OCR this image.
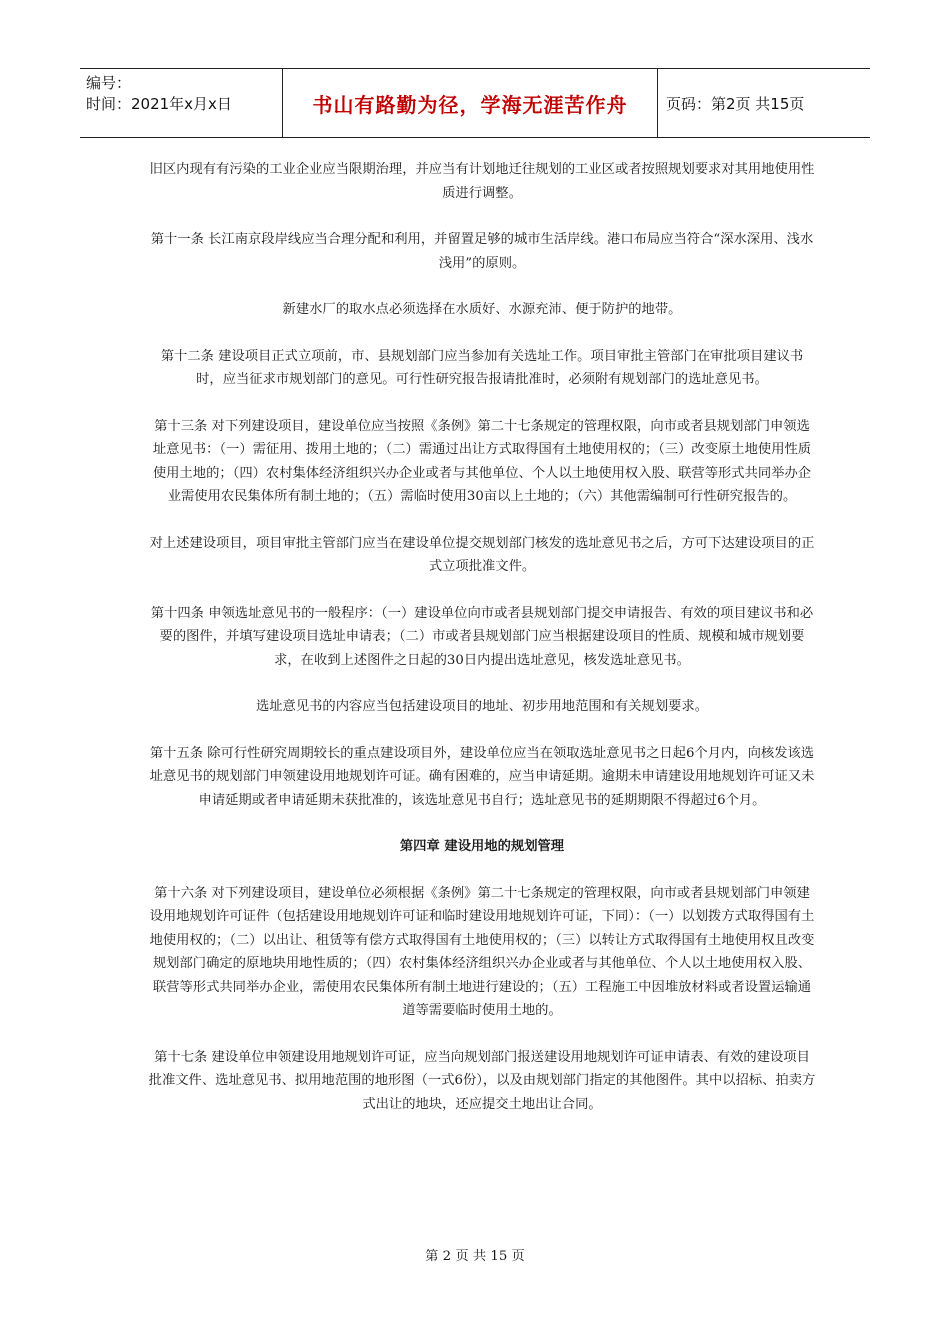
编号：
时间：2021年x月x日	书山有路勤为径，学海无涯苦作舟	页码：第2页 共15页

旧区内现有有污染的工业企业应当限期治理，并应当有计划地迁往规划的工业区或者按照规划要求对其用地使用性质进行调整。

第十一条 长江南京段岸线应当合理分配和利用，并留置足够的城市生活岸线。港口布局应当符合“深水深用、浅水浅用”的原则。

新建水厂的取水点必须选择在水质好、水源充沛、便于防护的地带。

第十二条 建设项目正式立项前，市、县规划部门应当参加有关选址工作。项目审批主管部门在审批项目建议书时，应当征求市规划部门的意见。可行性研究报告报请批准时，必须附有规划部门的选址意见书。

第十三条 对下列建设项目，建设单位应当按照《条例》第二十七条规定的管理权限，向市或者县规划部门申领选址意见书：（一）需征用、拨用土地的；（二）需通过出让方式取得国有土地使用权的；（三）改变原土地使用性质使用土地的；（四）农村集体经济组织兴办企业或者与其他单位、个人以土地使用权入股、联营等形式共同举办企业需使用农民集体所有制土地的；（五）需临时使用30亩以上土地的；（六）其他需编制可行性研究报告的。

对上述建设项目，项目审批主管部门应当在建设单位提交规划部门核发的选址意见书之后，方可下达建设项目的正式立项批准文件。

第十四条 申领选址意见书的一般程序：（一）建设单位向市或者县规划部门提交申请报告、有效的项目建议书和必要的图件，并填写建设项目选址申请表；（二）市或者县规划部门应当根据建设项目的性质、规模和城市规划要求，在收到上述图件之日起的30日内提出选址意见，核发选址意见书。

选址意见书的内容应当包括建设项目的地址、初步用地范围和有关规划要求。

第十五条 除可行性研究周期较长的重点建设项目外，建设单位应当在领取选址意见书之日起6个月内，向核发该选址意见书的规划部门申领建设用地规划许可证。确有困难的，应当申请延期。逾期未申请建设用地规划许可证又未申请延期或者申请延期未获批准的，该选址意见书自行；选址意见书的延期期限不得超过6个月。

第四章 建设用地的规划管理

第十六条 对下列建设项目，建设单位必须根据《条例》第二十七条规定的管理权限，向市或者县规划部门申领建设用地规划许可证件（包括建设用地规划许可证和临时建设用地规划许可证，下同）：（一）以划拨方式取得国有土地使用权的；（二）以出让、租赁等有偿方式取得国有土地使用权的；（三）以转让方式取得国有土地使用权且改变规划部门确定的原地块用地性质的；（四）农村集体经济组织兴办企业或者与其他单位、个人以土地使用权入股、联营等形式共同举办企业，需使用农民集体所有制土地进行建设的；（五）工程施工中因堆放材料或者设置运输通道等需要临时使用土地的。

第十七条 建设单位申领建设用地规划许可证，应当向规划部门报送建设用地规划许可证申请表、有效的建设项目批准文件、选址意见书、拟用地范围的地形图（一式6份），以及由规划部门指定的其他图件。其中以招标、拍卖方式出让的地块，还应提交土地出让合同。

第 2 页 共 15 页
